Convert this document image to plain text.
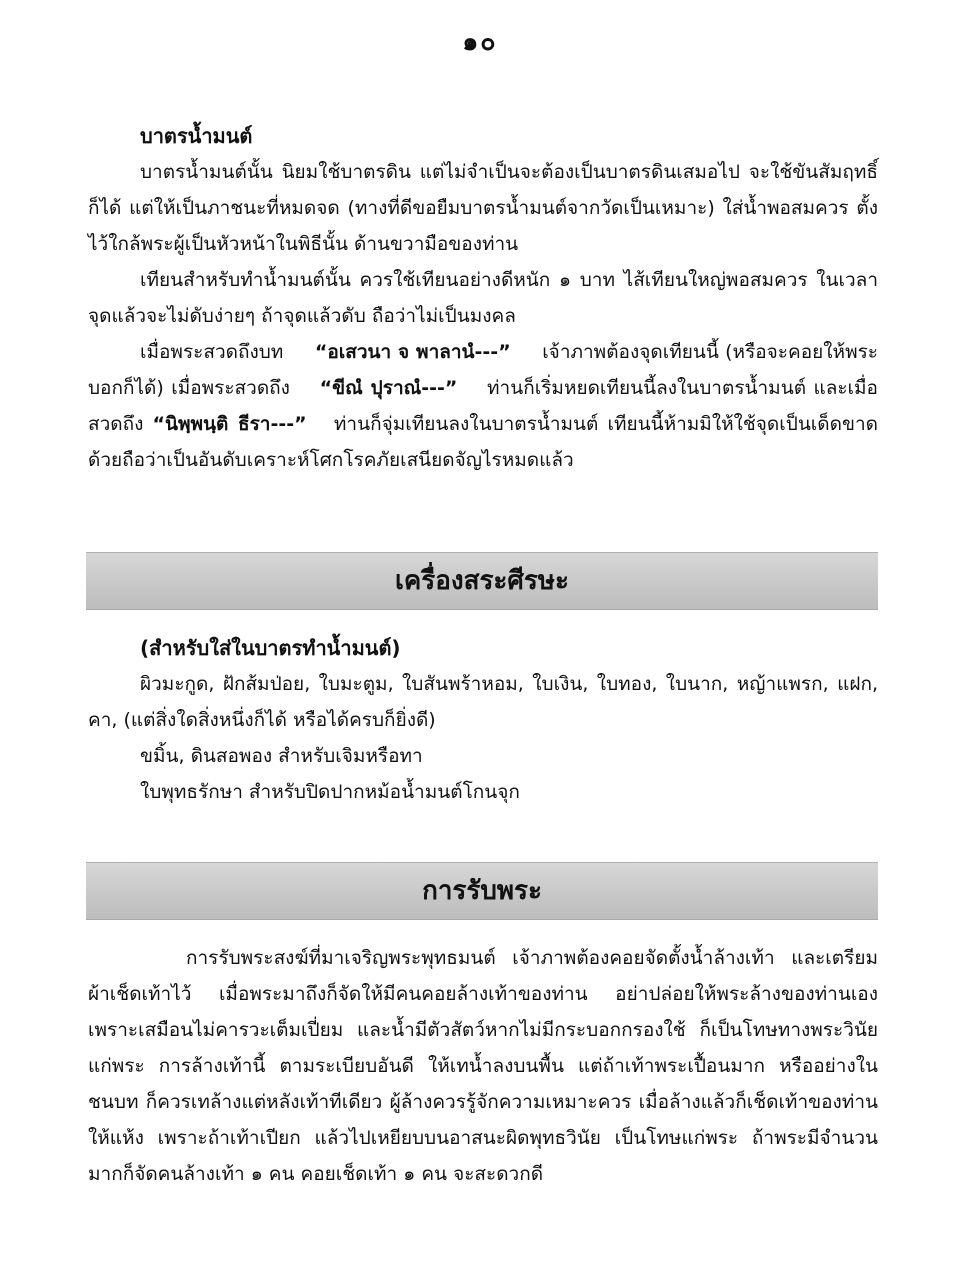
๑๐
บาตรน้ำมนต์

บาตรน้ำมนต์นั้น นิยมใช้บาตรดิน แต่ไม่จำเป็นจะต้องเป็นบาตรดินเสมอไป จะใช้ขันสัมฤทธิ์ก็ได้ แต่ให้เป็นภาชนะที่หมดจด (ทางที่ดีขอยืมบาตรน้ำมนต์จากวัดเป็นเหมาะ) ใส่น้ำพอสมควร ตั้งไว้ใกล้พระผู้เป็นหัวหน้าในพิธีนั้น ด้านขวามือของท่าน

เทียนสำหรับทำน้ำมนต์นั้น ควรใช้เทียนอย่างดีหนัก ๑ บาท ไส้เทียนใหญ่พอสมควร ในเวลาจุดแล้วจะไม่ดับง่ายๆ ถ้าจุดแล้วดับ ถือว่าไม่เป็นมงคล

เมื่อพระสวดถึงบท “อเสวนา จ พาลานํ---” เจ้าภาพต้องจุดเทียนนี้ (หรือจะคอยให้พระบอกก็ได้) เมื่อพระสวดถึง “ขีณํ ปุราณํ---” ท่านก็เริ่มหยดเทียนนี้ลงในบาตรน้ำมนต์ และเมื่อสวดถึง “นิพฺพนฺติ ธีรา---” ท่านก็จุ่มเทียนลงในบาตรน้ำมนต์ เทียนนี้ห้ามมิให้ใช้จุดเป็นเด็ดขาด ด้วยถือว่าเป็นอันดับเคราะห์โศกโรคภัยเสนียดจัญไรหมดแล้ว

เครื่องสระศีรษะ
(สำหรับใส่ในบาตรทำน้ำมนต์)

ผิวมะกูด, ฝักส้มป่อย, ใบมะตูม, ใบสันพร้าหอม, ใบเงิน, ใบทอง, ใบนาก, หญ้าแพรก, แฝก, คา, (แต่สิ่งใดสิ่งหนึ่งก็ได้ หรือได้ครบก็ยิ่งดี)

ขมิ้น, ดินสอพอง สำหรับเจิมหรือทา

ใบพุทธรักษา สำหรับปิดปากหม้อน้ำมนต์โกนจุก

การรับพระ

การรับพระสงฆ์ที่มาเจริญพระพุทธมนต์ เจ้าภาพต้องคอยจัดตั้งน้ำล้างเท้า และเตรียมผ้าเช็ดเท้าไว้ เมื่อพระมาถึงก็จัดให้มีคนคอยล้างเท้าของท่าน อย่าปล่อยให้พระล้างของท่านเอง เพราะเสมือนไม่คารวะเต็มเปี่ยม และน้ำมีตัวสัตว์หากไม่มีกระบอกกรองใช้ ก็เป็นโทษทางพระวินัยแก่พระ การล้างเท้านี้ ตามระเบียบอันดี ให้เทน้ำลงบนพื้น แต่ถ้าเท้าพระเปื้อนมาก หรืออย่างในชนบท ก็ควรเทล้างแต่หลังเท้าทีเดียว ผู้ล้างควรรู้จักความเหมาะควร เมื่อล้างแล้วก็เช็ดเท้าของท่านให้แห้ง เพราะถ้าเท้าเปียก แล้วไปเหยียบบนอาสนะผิดพุทธวินัย เป็นโทษแก่พระ ถ้าพระมีจำนวนมากก็จัดคนล้างเท้า ๑ คน คอยเช็ดเท้า ๑ คน จะสะดวกดี
